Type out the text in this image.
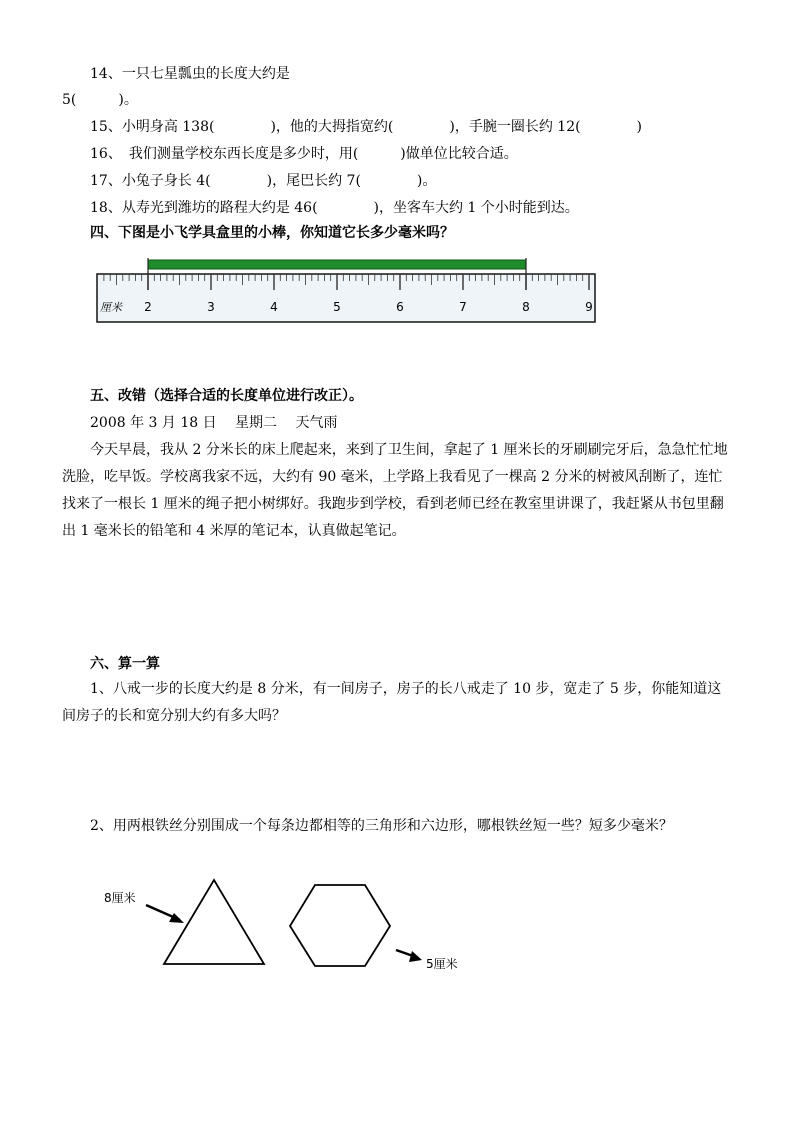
14、一只七星瓢虫的长度大约是
5(　　　)。
15、小明身高 138(　　　　)，他的大拇指宽约(　　　　)，手腕一圈长约 12(　　　　)
16、　我们测量学校东西长度是多少时，用(　　　)做单位比较合适。
17、小兔子身长 4(　　　　)，尾巴长约 7(　　　　)。
18、从寿光到潍坊的路程大约是 46(　　　　)，坐客车大约 1 个小时能到达。
四、下图是小飞学具盒里的小棒，你知道它长多少毫米吗？
2	3	4	5	6	7	8	9
厘米
五、改错（选择合适的长度单位进行改正）。
2008 年 3 月 18 日　 星期二　 天气雨
今天早晨，我从 2 分米长的床上爬起来，来到了卫生间，拿起了 1 厘米长的牙刷刷完牙后，急急忙忙地洗脸，吃早饭。学校离我家不远，大约有 90 毫米，上学路上我看见了一棵高 2 分米的树被风刮断了，连忙找来了一根长 1 厘米的绳子把小树绑好。我跑步到学校，看到老师已经在教室里讲课了，我赶紧从书包里翻出 1 毫米长的铅笔和 4 米厚的笔记本，认真做起笔记。
六、算一算
1、八戒一步的长度大约是 8 分米，有一间房子，房子的长八戒走了 10 步，宽走了 5 步，你能知道这间房子的长和宽分别大约有多大吗？
2、用两根铁丝分别围成一个每条边都相等的三角形和六边形，哪根铁丝短一些？短多少毫米？
8厘米
5厘米
